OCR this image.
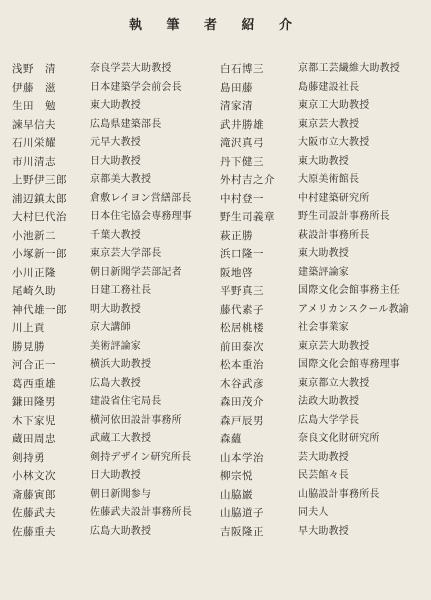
執 筆 者 紹 介
浅野　清	奈良学芸大助教授
伊藤　滋	日本建築学会前会長
生田　勉	東大助教授
諫早信夫	広島県建築部長
石川栄耀	元早大教授
市川清志	日大助教授
上野伊三郎	京都美大教授
浦辺鎮太郎	倉敷レイヨン営繕部長
大村巳代治	日本住宅協会専務理事
小池新二	千葉大教授
小塚新一郎	東京芸大学部長
小川正隆	朝日新聞学芸部記者
尾崎久助	日建工務社長
神代雄一郎	明大助教授
川上貢	京大講師
勝見勝	美術評論家
河合正一	横浜大助教授
葛西重雄	広島大教授
鎌田隆男	建設省住宅局長
木下家児	横河依田設計事務所
蔵田周忠	武蔵工大教授
剣持勇	剣持デザイン研究所長
小林文次	日大助教授
斎藤寅郎	朝日新聞参与
佐藤武夫	佐藤武夫設計事務所長
佐藤重夫	広島大助教授
白石博三	京都工芸繊維大助教授
島田藤	島藤建設社長
清家清	東京工大助教授
武井勝雄	東京芸大教授
滝沢真弓	大阪市立大教授
丹下健三	東大助教授
外村吉之介	大原美術館長
中村登一	中村建築研究所
野生司義章	野生司設計事務所長
萩正勝	萩設計事務所長
浜口隆一	東大助教授
阪地啓	建築評論家
平野真三	国際文化会館事務主任
藤代素子	アメリカンスクール教諭
松居桃楼	社会事業家
前田泰次	東京芸大助教授
松本重治	国際文化会館専務理事
木谷武彦	東京都立大教授
森田茂介	法政大助教授
森戸辰男	広島大学学長
森蘊	奈良文化財研究所
山本学治	芸大助教授
柳宗悦	民芸館々長
山脇巌	山脇設計事務所長
山脇道子	同夫人
吉阪隆正	早大助教授
